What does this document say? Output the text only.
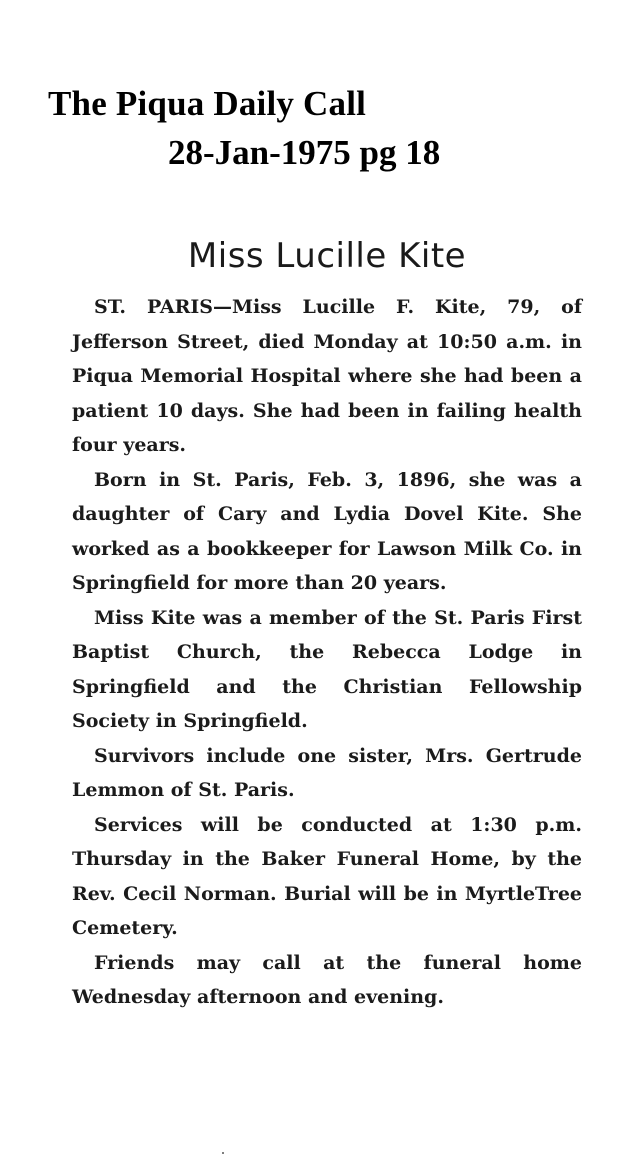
The Piqua Daily Call
28-Jan-1975 pg 18
Miss Lucille Kite

ST. PARIS—Miss Lucille F. Kite, 79, of Jefferson Street, died Monday at 10:50 a.m. in Piqua Memorial Hospital where she had been a patient 10 days. She had been in failing health four years.

Born in St. Paris, Feb. 3, 1896, she was a daughter of Cary and Lydia Dovel Kite. She worked as a bookkeeper for Lawson Milk Co. in Springfield for more than 20 years.

Miss Kite was a member of the St. Paris First Baptist Church, the Rebecca Lodge in Springfield and the Christian Fellowship Society in Springfield.

Survivors include one sister, Mrs. Gertrude Lemmon of St. Paris.

Services will be conducted at 1:30 p.m. Thursday in the Baker Funeral Home, by the Rev. Cecil Norman. Burial will be in MyrtleTree Cemetery.

Friends may call at the funeral home Wednesday afternoon and evening.
